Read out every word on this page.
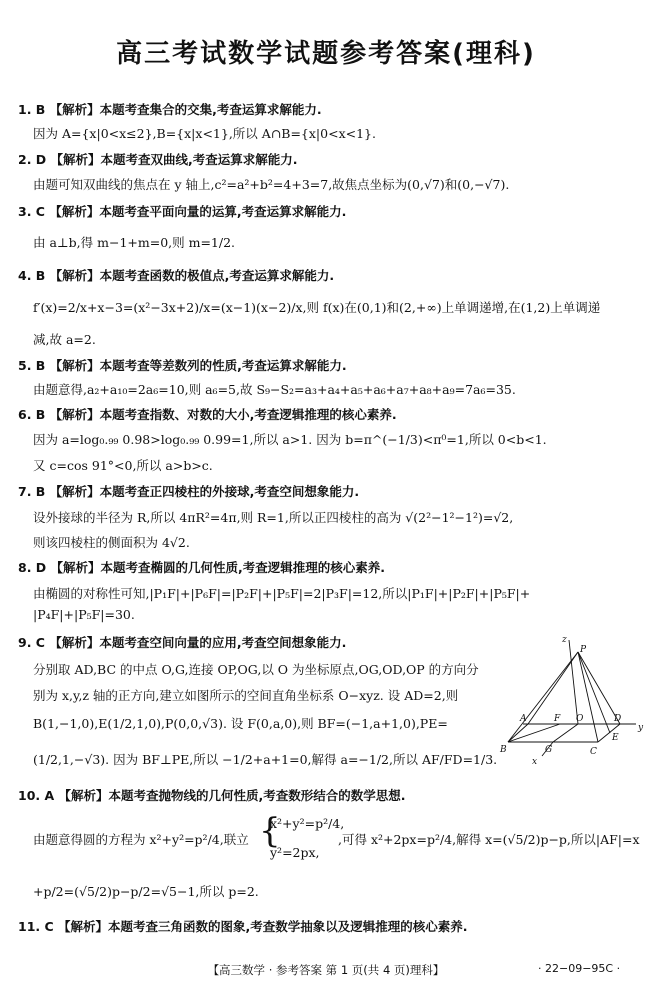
高三考试数学试题参考答案(理科)
1. B 【解析】本题考查集合的交集,考查运算求解能力.
因为 A={x|0<x≤2},B={x|x<1},所以 A∩B={x|0<x<1}.
2. D 【解析】本题考查双曲线,考查运算求解能力.
由题可知双曲线的焦点在 y 轴上,c²=a²+b²=4+3=7,故焦点坐标为(0,√7)和(0,−√7).
3. C 【解析】本题考查平面向量的运算,考查运算求解能力.
由 a⊥b,得 m−1+m=0,则 m=1/2.
4. B 【解析】本题考查函数的极值点,考查运算求解能力.
f′(x)=2/x+x−3=(x²−3x+2)/x=(x−1)(x−2)/x,则 f(x)在(0,1)和(2,+∞)上单调递增,在(1,2)上单调递
减,故 a=2.
5. B 【解析】本题考查等差数列的性质,考查运算求解能力.
由题意得,a₂+a₁₀=2a₆=10,则 a₆=5,故 S₉−S₂=a₃+a₄+a₅+a₆+a₇+a₈+a₉=7a₆=35.
6. B 【解析】本题考查指数、对数的大小,考查逻辑推理的核心素养.
因为 a=log₀.₉₉ 0.98>log₀.₉₉ 0.99=1,所以 a>1. 因为 b=π^(−1/3)<π⁰=1,所以 0<b<1.
又 c=cos 91°<0,所以 a>b>c.
7. B 【解析】本题考查正四棱柱的外接球,考查空间想象能力.
设外接球的半径为 R,所以 4πR²=4π,则 R=1,所以正四棱柱的高为 √(2²−1²−1²)=√2,
则该四棱柱的侧面积为 4√2.
8. D 【解析】本题考查椭圆的几何性质,考查逻辑推理的核心素养.
由椭圆的对称性可知,|P₁F|+|P₆F|=|P₂F|+|P₅F|=2|P₃F|=12,所以|P₁F|+|P₂F|+|P₅F|+
|P₄F|+|P₅F|=30.
9. C 【解析】本题考查空间向量的应用,考查空间想象能力.
分别取 AD,BC 的中点 O,G,连接 OP,OG,以 O 为坐标原点,OG,OD,OP 的方向分
别为 x,y,z 轴的正方向,建立如图所示的空间直角坐标系 O−xyz. 设 AD=2,则
B(1,−1,0),E(1/2,1,0),P(0,0,√3). 设 F(0,a,0),则 BF=(−1,a+1,0),PE=
(1/2,1,−√3). 因为 BF⊥PE,所以 −1/2+a+1=0,解得 a=−1/2,所以 AF/FD=1/3.
z
P
A	F O	D
y
E
B	G	C
x
10. A 【解析】本题考查抛物线的几何性质,考查数形结合的数学思想.
由题意得圆的方程为 x²+y²=p²/4,联立 {
x²+y²=p²/4,
y²=2px,
,可得 x²+2px=p²/4,解得 x=(√5/2)p−p,所以|AF|=x
+p/2=(√5/2)p−p/2=√5−1,所以 p=2.
11. C 【解析】本题考查三角函数的图象,考查数学抽象以及逻辑推理的核心素养.
【高三数学 · 参考答案 第 1 页(共 4 页)理科】	· 22−09−95C ·
